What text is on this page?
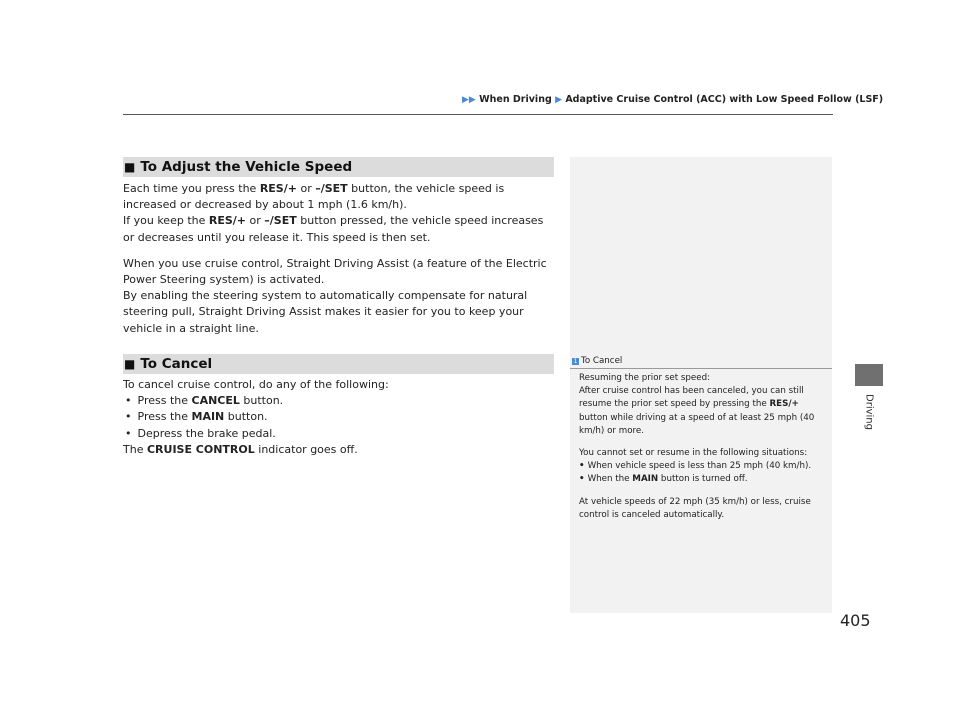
▶▶ When Driving ▶ Adaptive Cruise Control (ACC) with Low Speed Follow (LSF)
■ To Adjust the Vehicle Speed

Each time you press the RES/+ or –/SET button, the vehicle speed is increased or decreased by about 1 mph (1.6 km/h).

If you keep the RES/+ or –/SET button pressed, the vehicle speed increases or decreases until you release it. This speed is then set.

When you use cruise control, Straight Driving Assist (a feature of the Electric Power Steering system) is activated.

By enabling the steering system to automatically compensate for natural steering pull, Straight Driving Assist makes it easier for you to keep your vehicle in a straight line.

■ To Cancel

To cancel cruise control, do any of the following:

• Press the CANCEL button.
• Press the MAIN button.
• Depress the brake pedal.

The CRUISE CONTROL indicator goes off.

1 To Cancel

Resuming the prior set speed:

After cruise control has been canceled, you can still resume the prior set speed by pressing the RES/+ button while driving at a speed of at least 25 mph (40 km/h) or more.

You cannot set or resume in the following situations:

• When vehicle speed is less than 25 mph (40 km/h).
• When the MAIN button is turned off.

At vehicle speeds of 22 mph (35 km/h) or less, cruise control is canceled automatically.

Driving
405
